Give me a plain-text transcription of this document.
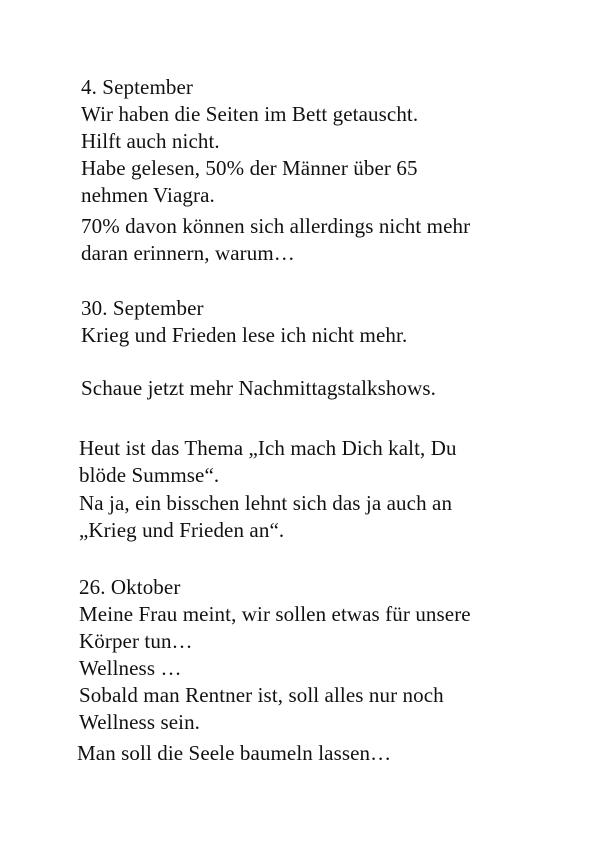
4. September
Wir haben die Seiten im Bett getauscht.
Hilft auch nicht.
Habe gelesen, 50% der Männer über 65
nehmen Viagra.
70% davon können sich allerdings nicht mehr
daran erinnern, warum…
30. September
Krieg und Frieden lese ich nicht mehr.
Schaue jetzt mehr Nachmittagstalkshows.
Heut ist das Thema „Ich mach Dich kalt, Du
blöde Summse“.
Na ja, ein bisschen lehnt sich das ja auch an
„Krieg und Frieden an“.
26. Oktober
Meine Frau meint, wir sollen etwas für unsere
Körper tun…
Wellness …
Sobald man Rentner ist, soll alles nur noch
Wellness sein.
Man soll die Seele baumeln lassen…
